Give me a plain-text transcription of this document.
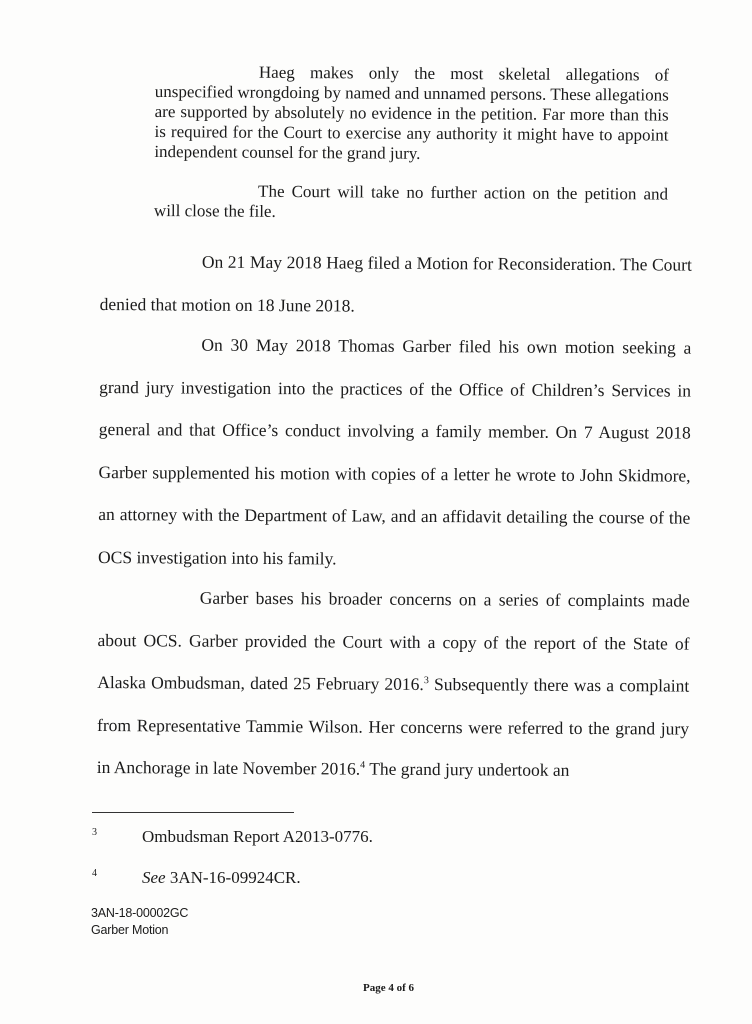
Haeg makes only the most skeletal allegations of unspecified wrongdoing by named and unnamed persons. These allegations are supported by absolutely no evidence in the petition. Far more than this is required for the Court to exercise any authority it might have to appoint independent counsel for the grand jury.

The Court will take no further action on the petition and will close the file.

On 21 May 2018 Haeg filed a Motion for Reconsideration. The Court denied that motion on 18 June 2018.

On 30 May 2018 Thomas Garber filed his own motion seeking a grand jury investigation into the practices of the Office of Children’s Services in general and that Office’s conduct involving a family member. On 7 August 2018 Garber supplemented his motion with copies of a letter he wrote to John Skidmore, an attorney with the Department of Law, and an affidavit detailing the course of the OCS investigation into his family.

Garber bases his broader concerns on a series of complaints made about OCS. Garber provided the Court with a copy of the report of the State of Alaska Ombudsman, dated 25 February 2016.$^3$ Subsequently there was a complaint from Representative Tammie Wilson. Her concerns were referred to the grand jury in Anchorage in late November 2016.$^4$ The grand jury undertook an

3	Ombudsman Report A2013-0776.
4	See 3AN-16-09924CR.
3AN-18-00002GC
Garber Motion
Page 4 of 6
